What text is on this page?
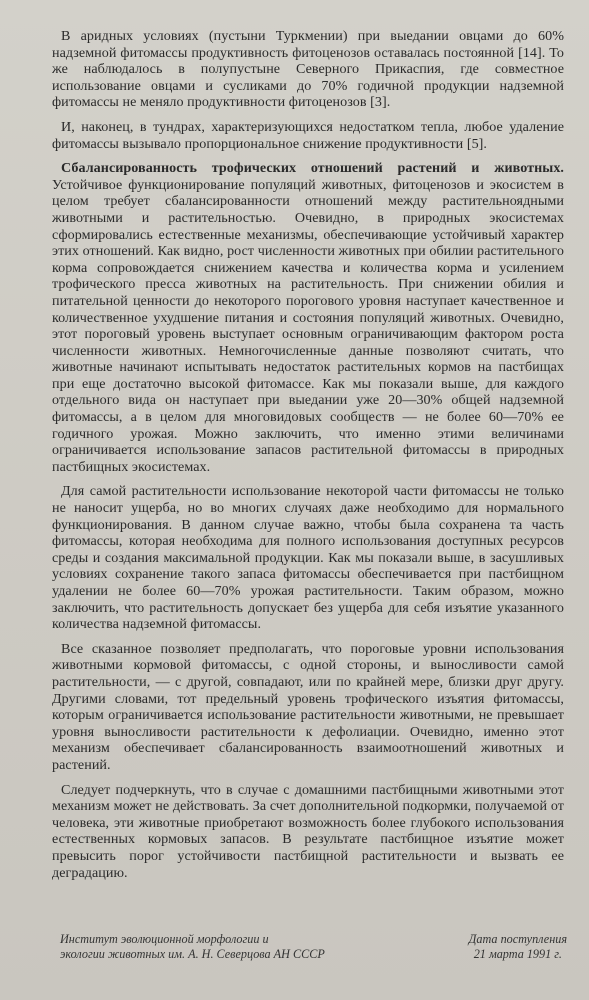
В аридных условиях (пустыни Туркмении) при выедании овцами до 60% надземной фитомассы продуктивность фитоценозов оставалась постоянной [14]. То же наблюдалось в полупустыне Северного Прикаспия, где совместное использование овцами и сусликами до 70% годичной продукции надземной фитомассы не меняло продуктивности фитоценозов [3].

И, наконец, в тундрах, характеризующихся недостатком тепла, любое удаление фитомассы вызывало пропорциональное снижение продуктивности [5].

Сбалансированность трофических отношений растений и животных. Устойчивое функционирование популяций животных, фитоценозов и экосистем в целом требует сбалансированности отношений между растительноядными животными и растительностью. Очевидно, в природных экосистемах сформировались естественные механизмы, обеспечивающие устойчивый характер этих отношений. Как видно, рост численности животных при обилии растительного корма сопровождается снижением качества и количества корма и усилением трофического пресса животных на растительность. При снижении обилия и питательной ценности до некоторого порогового уровня наступает качественное и количественное ухудшение питания и состояния популяций животных. Очевидно, этот пороговый уровень выступает основным ограничивающим фактором роста численности животных. Немногочисленные данные позволяют считать, что животные начинают испытывать недостаток растительных кормов на пастбищах при еще достаточно высокой фитомассе. Как мы показали выше, для каждого отдельного вида он наступает при выедании уже 20—30% общей надземной фитомассы, а в целом для многовидовых сообществ — не более 60—70% ее годичного урожая. Можно заключить, что именно этими величинами ограничивается использование запасов растительной фитомассы в природных пастбищных экосистемах.

Для самой растительности использование некоторой части фитомассы не только не наносит ущерба, но во многих случаях даже необходимо для нормального функционирования. В данном случае важно, чтобы была сохранена та часть фитомассы, которая необходима для полного использования доступных ресурсов среды и создания максимальной продукции. Как мы показали выше, в засушливых условиях сохранение такого запаса фитомассы обеспечивается при пастбищном удалении не более 60—70% урожая растительности. Таким образом, можно заключить, что растительность допускает без ущерба для себя изъятие указанного количества надземной фитомассы.

Все сказанное позволяет предполагать, что пороговые уровни использования животными кормовой фитомассы, с одной стороны, и выносливости самой растительности, — с другой, совпадают, или по крайней мере, близки друг другу. Другими словами, тот предельный уровень трофического изъятия фитомассы, которым ограничивается использование растительности животными, не превышает уровня выносливости растительности к дефолиации. Очевидно, именно этот механизм обеспечивает сбалансированность взаимоотношений животных и растений.

Следует подчеркнуть, что в случае с домашними пастбищными животными этот механизм может не действовать. За счет дополнительной подкормки, получаемой от человека, эти животные приобретают возможность более глубокого использования естественных кормовых запасов. В результате пастбищное изъятие может превысить порог устойчивости пастбищной растительности и вызвать ее деградацию.

Институт эволюционной морфологии и
экологии животных им. А. Н. Северцова АН СССР
Дата поступления
21 марта 1991 г.
